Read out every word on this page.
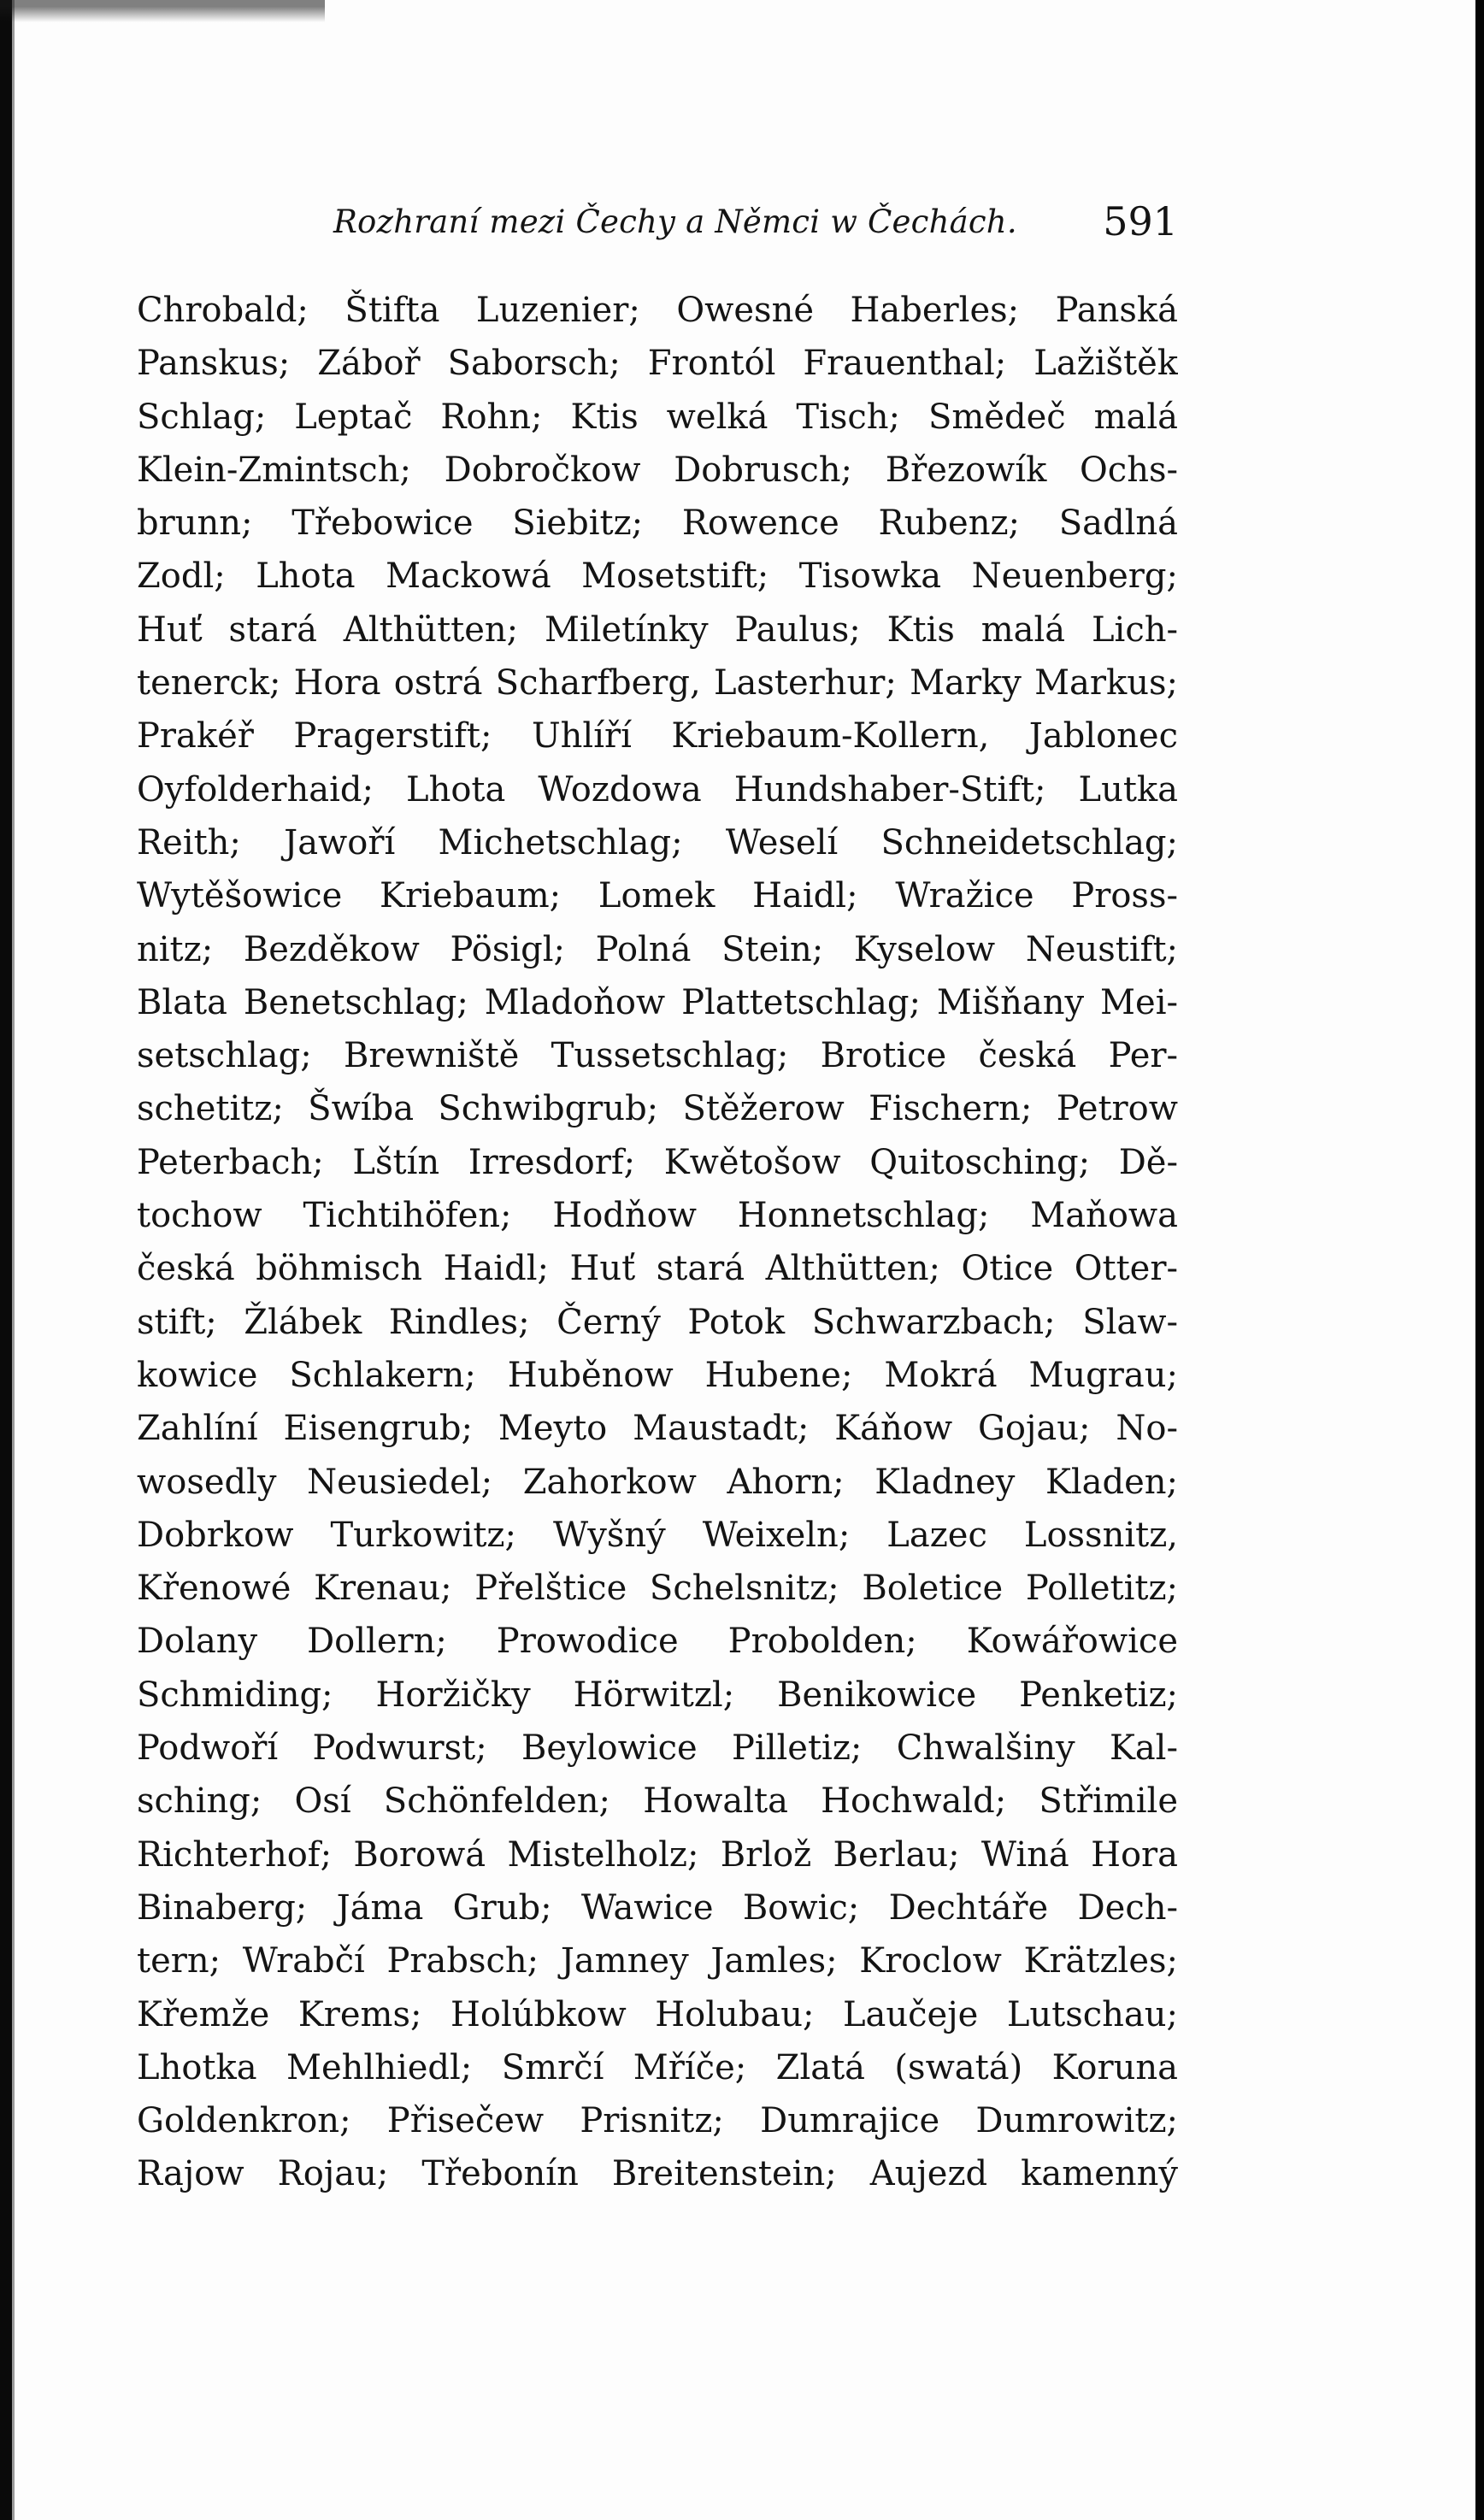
Rozhraní mezi Čechy a Němci w Čechách. 591
Chrobald; Štifta Luzenier; Owesné Haberles; Panská
Panskus; Záboř Saborsch; Frontól Frauenthal; Lažištěk
Schlag; Leptač Rohn; Ktis welká Tisch; Smědeč malá
Klein-Zmintsch; Dobročkow Dobrusch; Březowík Ochs-
brunn; Třebowice Siebitz; Rowence Rubenz; Sadlná
Zodl; Lhota Mackowá Mosetstift; Tisowka Neuenberg;
Huť stará Althütten; Miletínky Paulus; Ktis malá Lich-
tenerck; Hora ostrá Scharfberg, Lasterhur; Marky Markus;
Prakéř Pragerstift; Uhlíří Kriebaum-Kollern, Jablonec
Oyfolderhaid; Lhota Wozdowa Hundshaber-Stift; Lutka
Reith; Jawoří Michetschlag; Weselí Schneidetschlag;
Wytěšowice Kriebaum; Lomek Haidl; Wražice Pross-
nitz; Bezděkow Pösigl; Polná Stein; Kyselow Neustift;
Blata Benetschlag; Mladoňow Plattetschlag; Mišňany Mei-
setschlag; Brewniště Tussetschlag; Brotice česká Per-
schetitz; Šwíba Schwibgrub; Stěžerow Fischern; Petrow
Peterbach; Lštín Irresdorf; Kwětošow Quitosching; Dě-
tochow Tichtihöfen; Hodňow Honnetschlag; Maňowa
česká böhmisch Haidl; Huť stará Althütten; Otice Otter-
stift; Žlábek Rindles; Černý Potok Schwarzbach; Slaw-
kowice Schlakern; Huběnow Hubene; Mokrá Mugrau;
Zahlíní Eisengrub; Meyto Maustadt; Káňow Gojau; No-
wosedly Neusiedel; Zahorkow Ahorn; Kladney Kladen;
Dobrkow Turkowitz; Wyšný Weixeln; Lazec Lossnitz,
Křenowé Krenau; Přelštice Schelsnitz; Boletice Polletitz;
Dolany Dollern; Prowodice Probolden; Kowářowice
Schmiding; Horžičky Hörwitzl; Benikowice Penketiz;
Podwoří Podwurst; Beylowice Pilletiz; Chwalšiny Kal-
sching; Osí Schönfelden; Howalta Hochwald; Střimile
Richterhof; Borowá Mistelholz; Brlož Berlau; Winá Hora
Binaberg; Jáma Grub; Wawice Bowic; Dechtáře Dech-
tern; Wrabčí Prabsch; Jamney Jamles; Kroclow Krätzles;
Křemže Krems; Holúbkow Holubau; Laučeje Lutschau;
Lhotka Mehlhiedl; Smrčí Mříče; Zlatá (swatá) Koruna
Goldenkron; Přisečew Prisnitz; Dumrajice Dumrowitz;
Rajow Rojau; Třebonín Breitenstein; Aujezd kamenný
